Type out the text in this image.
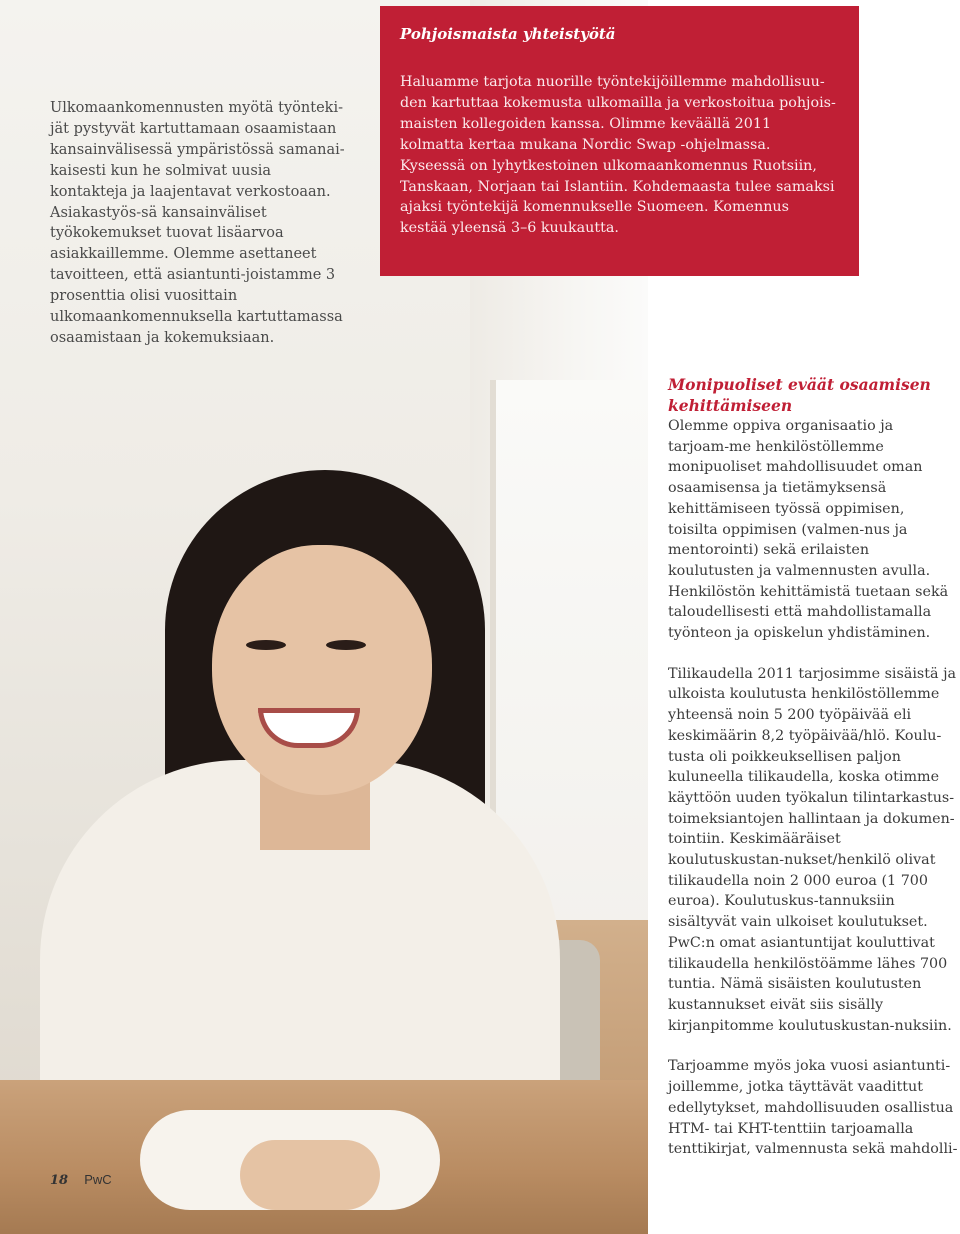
Ulkomaankomennusten myötä työnteki-jät pystyvät kartuttamaan osaamistaan kansainvälisessä ympäristössä samanai-kaisesti kun he solmivat uusia kontakteja ja laajentavat verkostoaan. Asiakastyös-sä kansainväliset työkokemukset tuovat lisäarvoa asiakkaillemme. Olemme asettaneet tavoitteen, että asiantunti-joistamme 3 prosenttia olisi vuosittain ulkomaankomennuksella kartuttamassa osaamistaan ja kokemuksiaan.

Pohjoismaista yhteistyötä

Haluamme tarjota nuorille työntekijöillemme mahdollisuu-den kartuttaa kokemusta ulkomailla ja verkostoitua pohjois-maisten kollegoiden kanssa. Olimme keväällä 2011 kolmatta kertaa mukana Nordic Swap -ohjelmassa. Kyseessä on lyhytkestoinen ulkomaankomennus Ruotsiin, Tanskaan, Norjaan tai Islantiin. Kohdemaasta tulee samaksi ajaksi työntekijä komennukselle Suomeen. Komennus kestää yleensä 3–6 kuukautta.

Monipuoliset eväät osaamisen kehittämiseen

Olemme oppiva organisaatio ja tarjoam-me henkilöstöllemme monipuoliset mahdollisuudet oman osaamisensa ja tietämyksensä kehittämiseen työssä oppimisen, toisilta oppimisen (valmen-nus ja mentorointi) sekä erilaisten koulutusten ja valmennusten avulla. Henkilöstön kehittämistä tuetaan sekä taloudellisesti että mahdollistamalla työnteon ja opiskelun yhdistäminen.

Tilikaudella 2011 tarjosimme sisäistä ja ulkoista koulutusta henkilöstöllemme yhteensä noin 5 200 työpäivää eli keskimäärin 8,2 työpäivää/hlö. Koulu-tusta oli poikkeuksellisen paljon kuluneella tilikaudella, koska otimme käyttöön uuden työkalun tilintarkastus-toimeksiantojen hallintaan ja dokumen-tointiin. Keskimääräiset koulutuskustan-nukset/henkilö olivat tilikaudella noin 2 000 euroa (1 700 euroa). Koulutuskus-tannuksiin sisältyvät vain ulkoiset koulutukset. PwC:n omat asiantuntijat kouluttivat tilikaudella henkilöstöämme lähes 700 tuntia. Nämä sisäisten koulutusten kustannukset eivät siis sisälly kirjanpitomme koulutuskustan-nuksiin.

Tarjoamme myös joka vuosi asiantunti-joillemme, jotka täyttävät vaadittut edellytykset, mahdollisuuden osallistua HTM- tai KHT-tenttiin tarjoamalla tenttikirjat, valmennusta sekä mahdolli-

18 PwC
